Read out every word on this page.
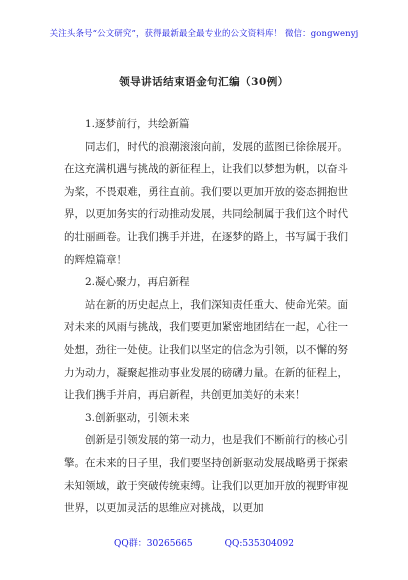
关注头条号“公文研究”，获得最新最全最专业的公文资料库！ 微信：gongwenyj
领导讲话结束语金句汇编（30例）

1.逐梦前行，共绘新篇

同志们，时代的浪潮滚滚向前，发展的蓝图已徐徐展开。在这充满机遇与挑战的新征程上，让我们以梦想为帆，以奋斗为桨，不畏艰难，勇往直前。我们要以更加开放的姿态拥抱世界，以更加务实的行动推动发展，共同绘制属于我们这个时代的壮丽画卷。让我们携手并进，在逐梦的路上，书写属于我们的辉煌篇章！

2.凝心聚力，再启新程

站在新的历史起点上，我们深知责任重大、使命光荣。面对未来的风雨与挑战，我们要更加紧密地团结在一起，心往一处想，劲往一处使。让我们以坚定的信念为引领，以不懈的努力为动力，凝聚起推动事业发展的磅礴力量。在新的征程上，让我们携手并肩，再启新程，共创更加美好的未来！

3.创新驱动，引领未来

创新是引领发展的第一动力，也是我们不断前行的核心引擎。在未来的日子里，我们要坚持创新驱动发展战略勇于探索未知领域，敢于突破传统束缚。让我们以更加开放的视野审视世界，以更加灵活的思维应对挑战，以更加

QQ群：30265665	QQ:535304092
